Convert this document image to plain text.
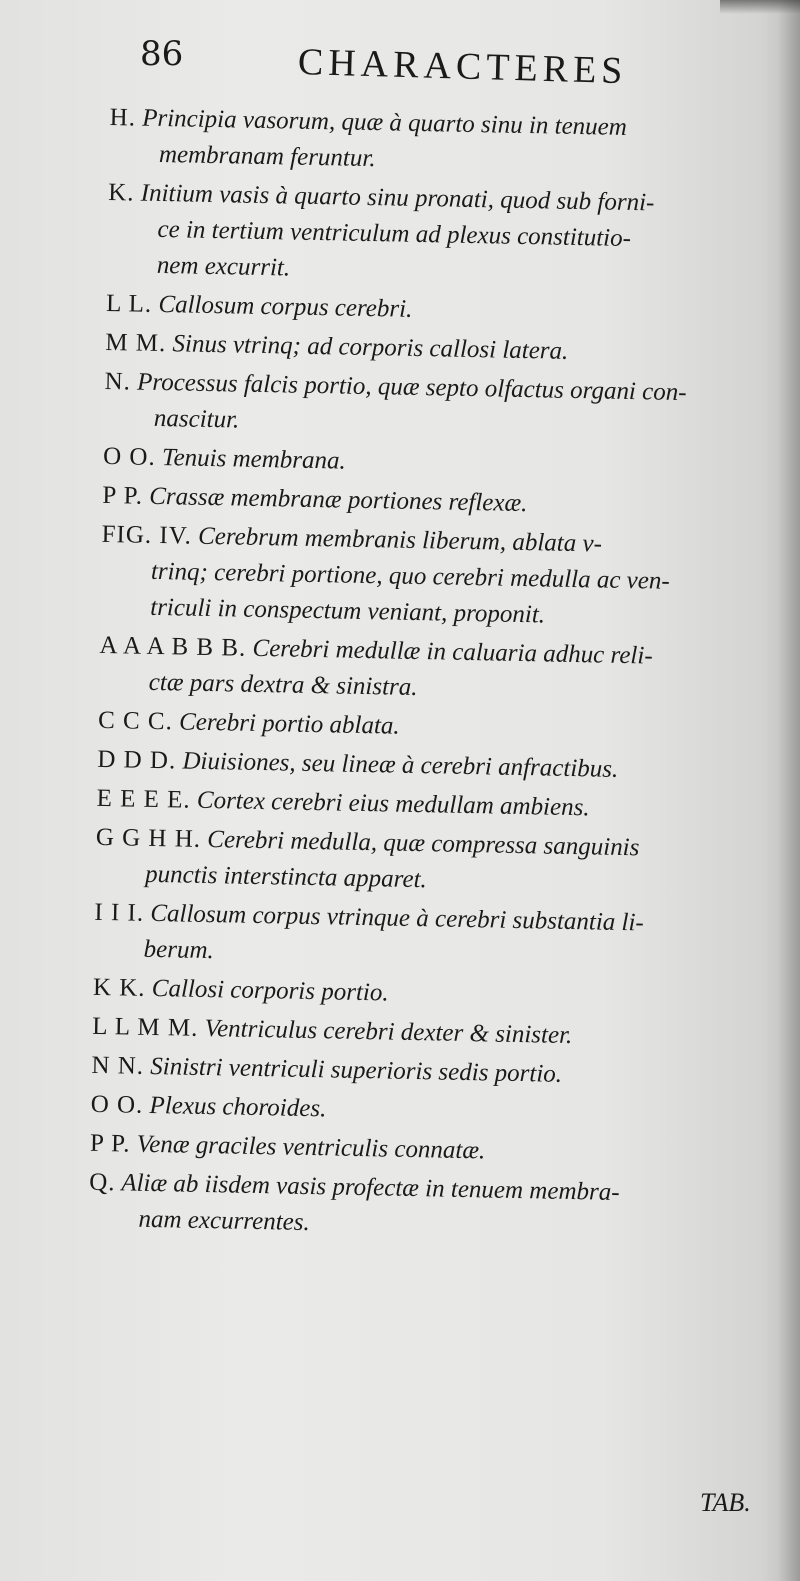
86	CHARACTERES
H. Principia vasorum, quæ à quarto sinu in tenuem
membranam feruntur.
K. Initium vasis à quarto sinu pronati, quod sub forni-
ce in tertium ventriculum ad plexus constitutio-
nem excurrit.
L L. Callosum corpus cerebri.
M M. Sinus vtrinq; ad corporis callosi latera.
N. Processus falcis portio, quæ septo olfactus organi con-
nascitur.
O O. Tenuis membrana.
P P. Crassæ membranæ portiones reflexæ.
FIG. IV. Cerebrum membranis liberum, ablata v-
trinq; cerebri portione, quo cerebri medulla ac ven-
triculi in conspectum veniant, proponit.
A A A B B B. Cerebri medullæ in caluaria adhuc reli-
ctæ pars dextra & sinistra.
C C C. Cerebri portio ablata.
D D D. Diuisiones, seu lineæ à cerebri anfractibus.
E E E E. Cortex cerebri eius medullam ambiens.
G G H H. Cerebri medulla, quæ compressa sanguinis
punctis interstincta apparet.
I I I. Callosum corpus vtrinque à cerebri substantia li-
berum.
K K. Callosi corporis portio.
L L M M. Ventriculus cerebri dexter & sinister.
N N. Sinistri ventriculi superioris sedis portio.
O O. Plexus choroides.
P P. Venæ graciles ventriculis connatæ.
Q. Aliæ ab iisdem vasis profectæ in tenuem membra-
nam excurrentes.
TAB.
